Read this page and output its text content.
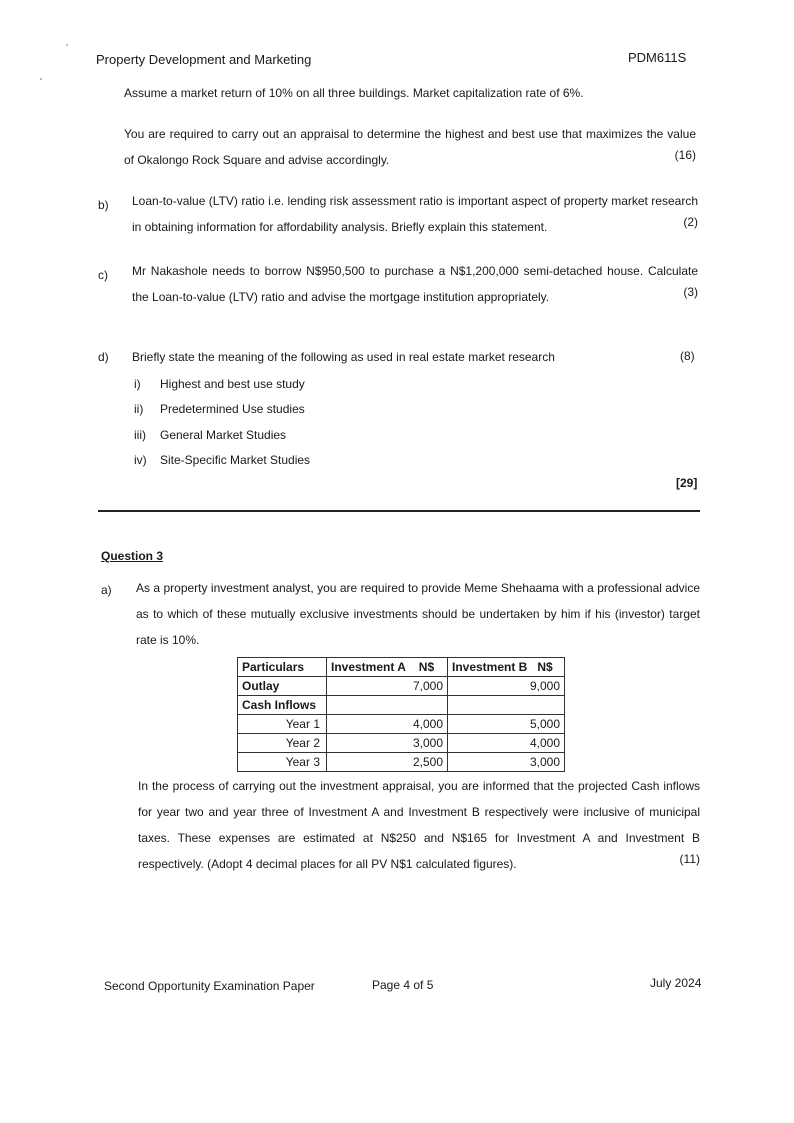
Property Development and Marketing	PDM611S
Assume a market return of 10% on all three buildings. Market capitalization rate of 6%.
You are required to carry out an appraisal to determine the highest and best use that maximizes the value of Okalongo Rock Square and advise accordingly.	(16)
b) Loan-to-value (LTV) ratio i.e. lending risk assessment ratio is important aspect of property market research in obtaining information for affordability analysis. Briefly explain this statement.	(2)
c) Mr Nakashole needs to borrow N$950,500 to purchase a N$1,200,000 semi-detached house. Calculate the Loan-to-value (LTV) ratio and advise the mortgage institution appropriately.	(3)
d) Briefly state the meaning of the following as used in real estate market research	(8)
i) Highest and best use study
ii) Predetermined Use studies
iii) General Market Studies
iv) Site-Specific Market Studies
[29]
Question 3
a) As a property investment analyst, you are required to provide Meme Shehaama with a professional advice as to which of these mutually exclusive investments should be undertaken by him if his (investor) target rate is 10%.
Particulars	Investment A    N$	Investment B   N$
Outlay	7,000	9,000
Cash Inflows		
Year 1	4,000	5,000
Year 2	3,000	4,000
Year 3	2,500	3,000
In the process of carrying out the investment appraisal, you are informed that the projected Cash inflows for year two and year three of Investment A and Investment B respectively were inclusive of municipal taxes. These expenses are estimated at N$250 and N$165 for Investment A and Investment B respectively. (Adopt 4 decimal places for all PV N$1 calculated figures).	(11)
Second Opportunity Examination Paper	Page 4 of 5	July 2024
